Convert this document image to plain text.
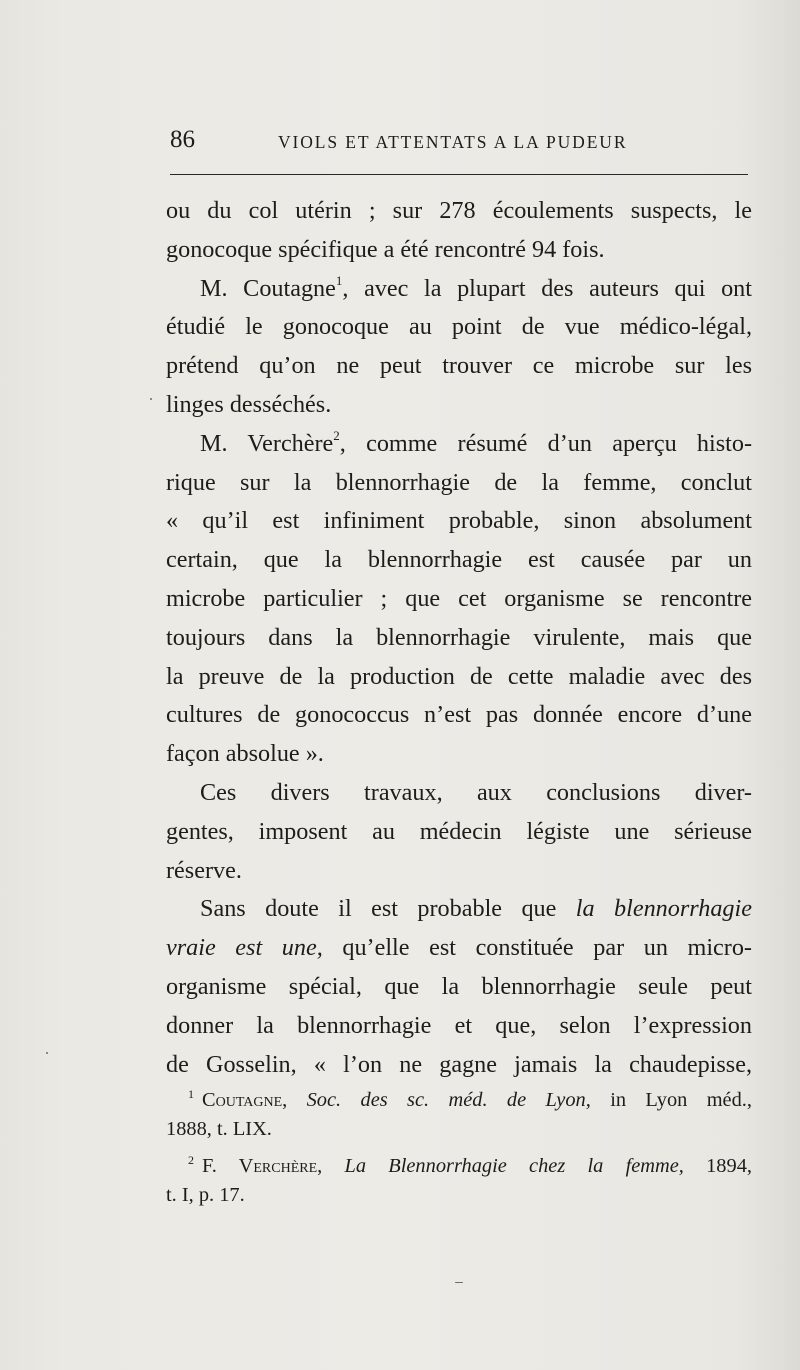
86	VIOLS ET ATTENTATS A LA PUDEUR
ou du col utérin ; sur 278 écoulements suspects, le
gonocoque spécifique a été rencontré 94 fois.
M. Coutagne$^1$, avec la plupart des auteurs qui ont
étudié le gonocoque au point de vue médico-légal,
prétend qu’on ne peut trouver ce microbe sur les
linges desséchés.
M. Verchère$^2$, comme résumé d’un aperçu histo-
rique sur la blennorrhagie de la femme, conclut
« qu’il est infiniment probable, sinon absolument
certain, que la blennorrhagie est causée par un
microbe particulier ; que cet organisme se rencontre
toujours dans la blennorrhagie virulente, mais que
la preuve de la production de cette maladie avec des
cultures de gonococcus n’est pas donnée encore d’une
façon absolue ».
Ces divers travaux, aux conclusions diver-
gentes, imposent au médecin légiste une sérieuse
réserve.
Sans doute il est probable que la blennorrhagie
vraie est une, qu’elle est constituée par un micro-
organisme spécial, que la blennorrhagie seule peut
donner la blennorrhagie et que, selon l’expression
de Gosselin, « l’on ne gagne jamais la chaudepisse,
$^1$ Coutagne, Soc. des sc. méd. de Lyon, in Lyon méd.,
1888, t. LIX.
$^2$ F. Verchère, La Blennorrhagie chez la femme, 1894,
t. I, p. 17.
